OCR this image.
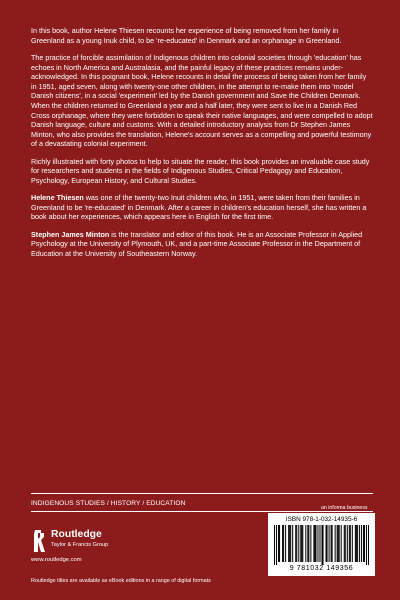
In this book, author Helene Thiesen recounts her experience of being removed from her family in Greenland as a young Inuk child, to be 're-educated' in Denmark and an orphanage in Greenland.

The practice of forcible assimilation of Indigenous children into colonial societies through 'education' has echoes in North America and Australasia, and the painful legacy of these practices remains under-acknowledged. In this poignant book, Helene recounts in detail the process of being taken from her family in 1951, aged seven, along with twenty-one other children, in the attempt to re-make them into 'model Danish citizens', in a social 'experiment' led by the Danish government and Save the Children Denmark. When the children returned to Greenland a year and a half later, they were sent to live in a Danish Red Cross orphanage, where they were forbidden to speak their native languages, and were compelled to adopt Danish language, culture and customs. With a detailed introductory analysis from Dr Stephen James Minton, who also provides the translation, Helene's account serves as a compelling and powerful testimony of a devastating colonial experiment.

Richly illustrated with forty photos to help to situate the reader, this book provides an invaluable case study for researchers and students in the fields of Indigenous Studies, Critical Pedagogy and Education, Psychology, European History, and Cultural Studies.

Helene Thiesen was one of the twenty-two Inuit children who, in 1951, were taken from their families in Greenland to be 're-educated' in Denmark. After a career in children's education herself, she has written a book about her experiences, which appears here in English for the first time.

Stephen James Minton is the translator and editor of this book. He is an Associate Professor in Applied Psychology at the University of Plymouth, UK, and a part-time Associate Professor in the Department of Education at the University of Southeastern Norway.

INDIGENOUS STUDIES / HISTORY / EDUCATION
an informa business
Routledge
Taylor & Francis Group
www.routledge.com
Routledge titles are available as eBook editions in a range of digital formats
ISBN 978-1-032-14935-6
9 781032 149356
